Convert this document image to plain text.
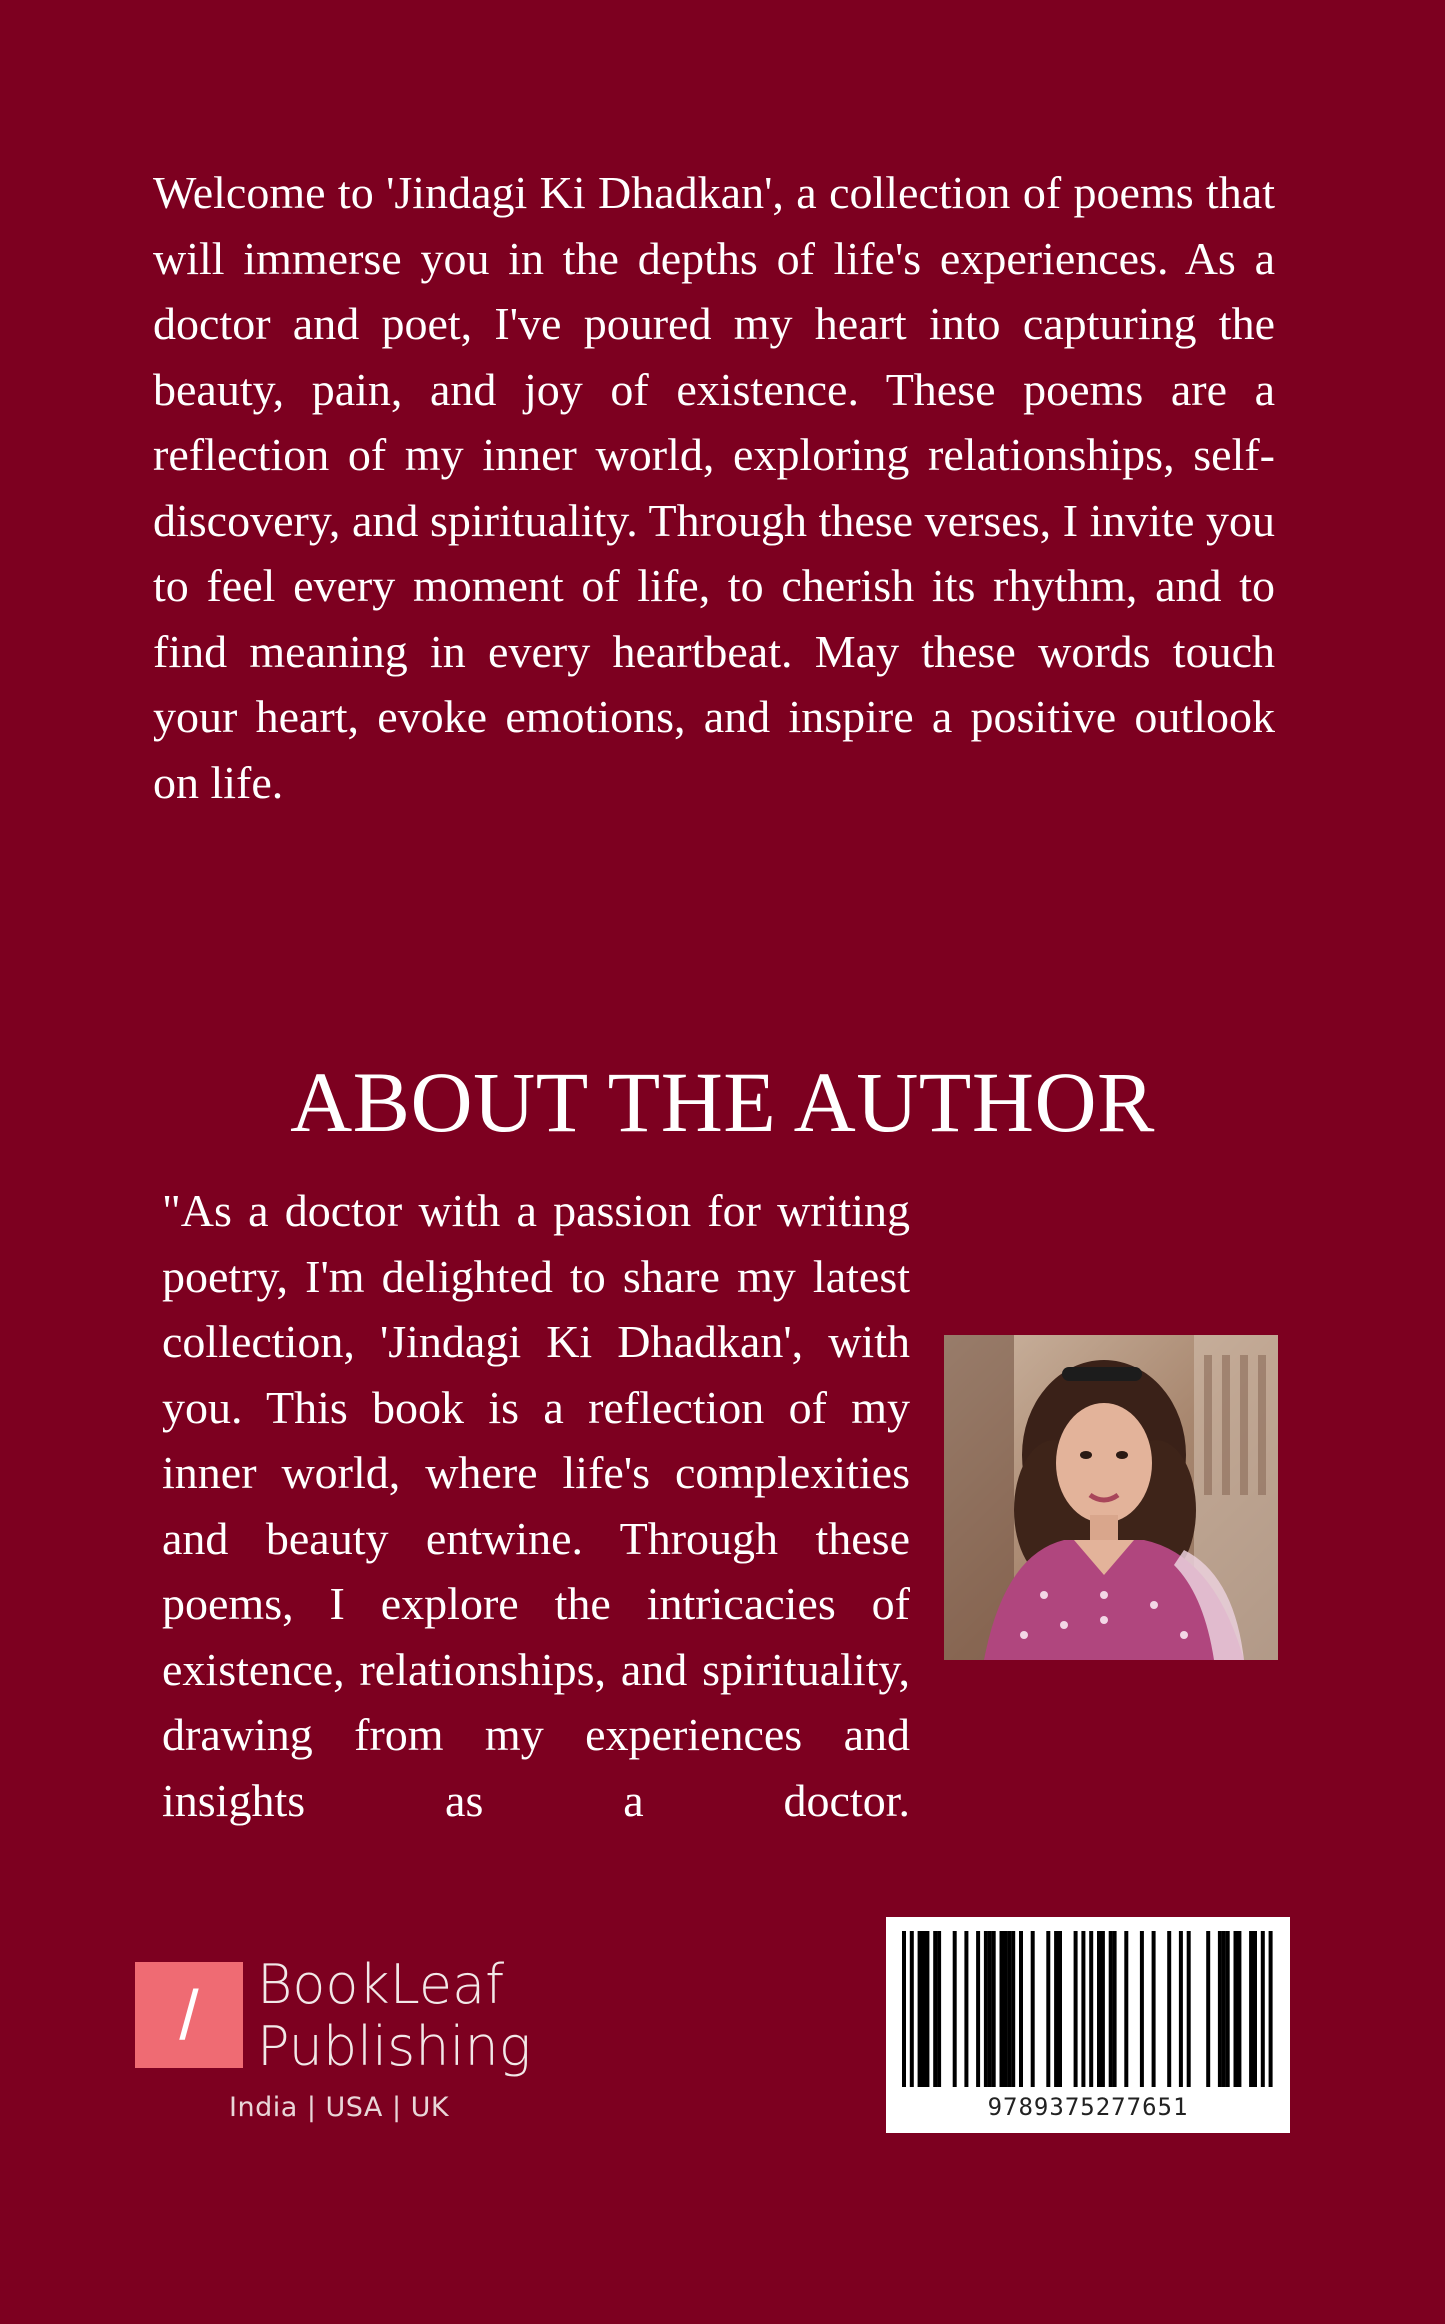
Welcome to 'Jindagi Ki Dhadkan', a collection of poems that will immerse you in the depths of life's experiences. As a doctor and poet, I've poured my heart into capturing the beauty, pain, and joy of existence. These poems are a reflection of my inner world, exploring relationships, self-discovery, and spirituality. Through these verses, I invite you to feel every moment of life, to cherish its rhythm, and to find meaning in every heartbeat. May these words touch your heart, evoke emotions, and inspire a positive outlook on life.
ABOUT THE AUTHOR
"As a doctor with a passion for writing poetry, I'm delighted to share my latest collection, 'Jindagi Ki Dhadkan', with you. This book is a reflection of my inner world, where life's complexities and beauty entwine. Through these poems, I explore the intricacies of existence, relationships, and spirituality, drawing from my experiences and insights as a doctor.
/	BookLeaf
Publishing
India | USA | UK	9789375277651
